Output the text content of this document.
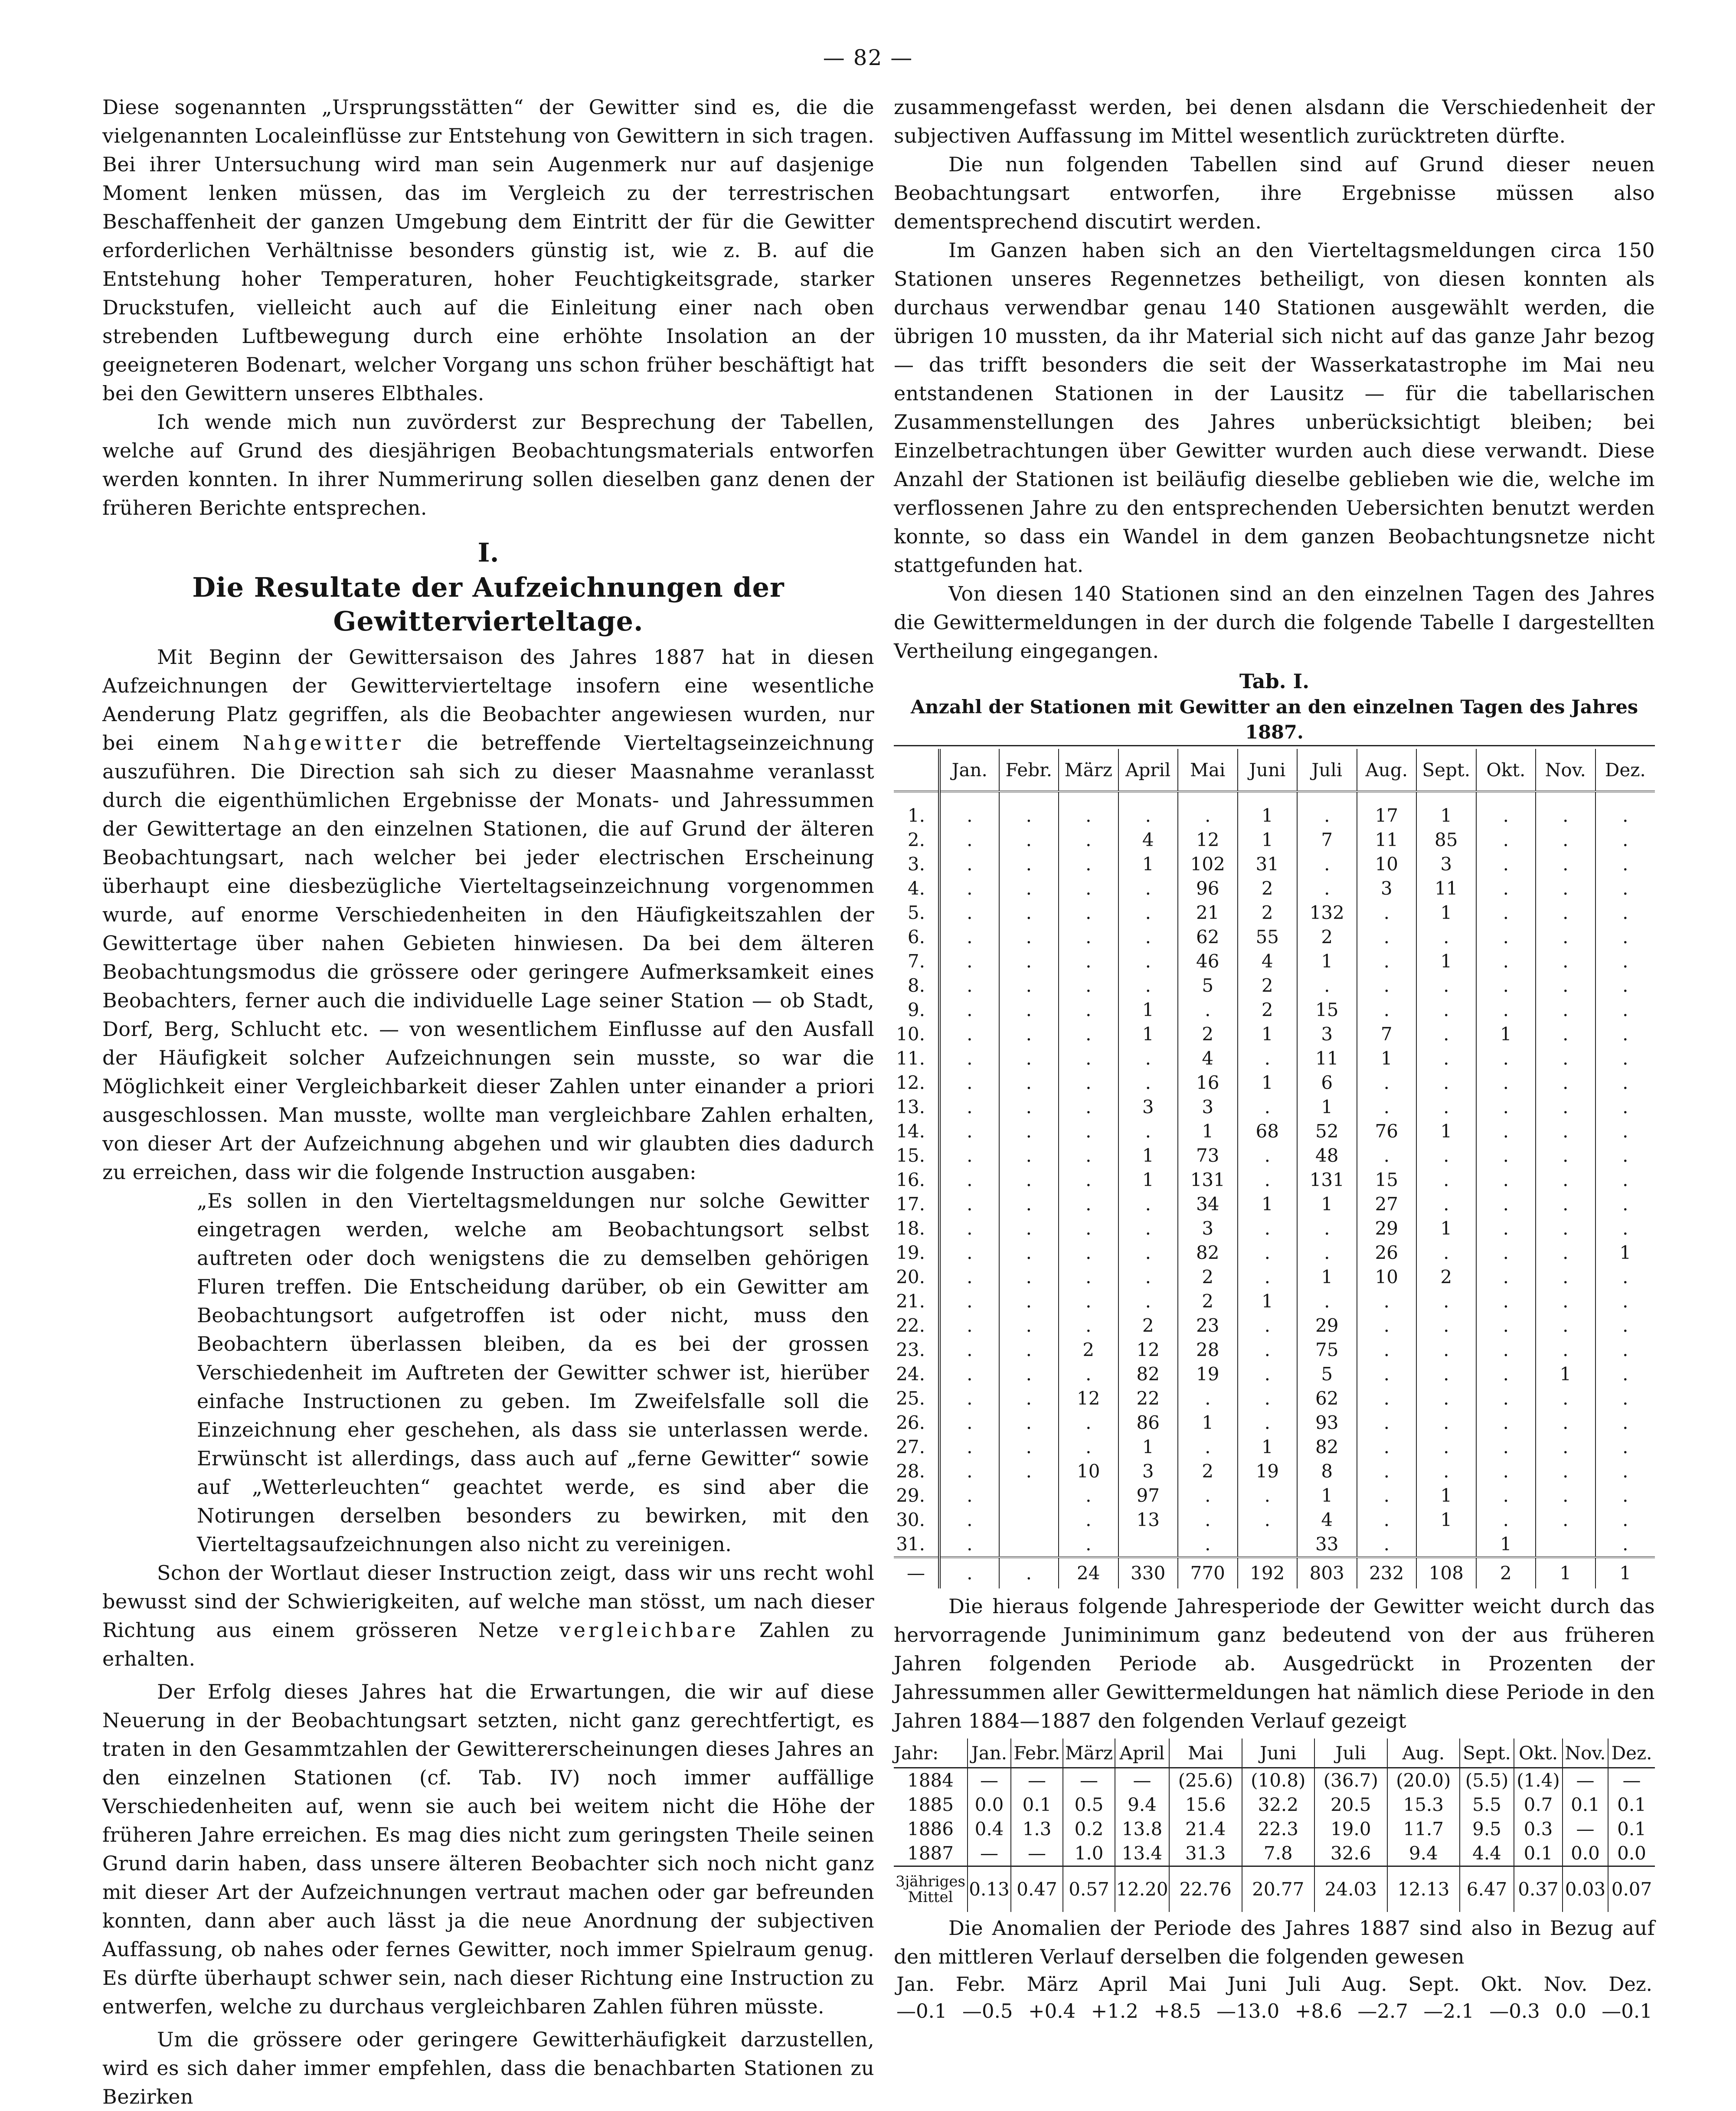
— 82 —

Diese sogenannten „Ursprungsstätten“ der Gewitter sind es, die die vielgenannten Localeinflüsse zur Entstehung von Gewittern in sich tragen. Bei ihrer Untersuchung wird man sein Augenmerk nur auf dasjenige Moment lenken müssen, das im Vergleich zu der terrestrischen Beschaffenheit der ganzen Umgebung dem Eintritt der für die Gewitter erforderlichen Verhältnisse besonders günstig ist, wie z. B. auf die Entstehung hoher Temperaturen, hoher Feuchtigkeitsgrade, starker Druckstufen, vielleicht auch auf die Einleitung einer nach oben strebenden Luftbewegung durch eine erhöhte Insolation an der geeigneteren Bodenart, welcher Vorgang uns schon früher beschäftigt hat bei den Gewittern unseres Elbthales.

Ich wende mich nun zuvörderst zur Besprechung der Tabellen, welche auf Grund des diesjährigen Beobachtungsmaterials entworfen werden konnten. In ihrer Nummerirung sollen dieselben ganz denen der früheren Berichte entsprechen.

I.
Die Resultate der Aufzeichnungen der Gewittervierteltage.

Mit Beginn der Gewittersaison des Jahres 1887 hat in diesen Aufzeichnungen der Gewittervierteltage insofern eine wesentliche Aenderung Platz gegriffen, als die Beobachter angewiesen wurden, nur bei einem Nahgewitter die betreffende Vierteltagseinzeichnung auszuführen. Die Direction sah sich zu dieser Maasnahme veranlasst durch die eigenthümlichen Ergebnisse der Monats- und Jahressummen der Gewittertage an den einzelnen Stationen, die auf Grund der älteren Beobachtungsart, nach welcher bei jeder electrischen Erscheinung überhaupt eine diesbezügliche Vierteltagseinzeichnung vorgenommen wurde, auf enorme Verschiedenheiten in den Häufigkeitszahlen der Gewittertage über nahen Gebieten hinwiesen. Da bei dem älteren Beobachtungsmodus die grössere oder geringere Aufmerksamkeit eines Beobachters, ferner auch die individuelle Lage seiner Station — ob Stadt, Dorf, Berg, Schlucht etc. — von wesentlichem Einflusse auf den Ausfall der Häufigkeit solcher Aufzeichnungen sein musste, so war die Möglichkeit einer Vergleichbarkeit dieser Zahlen unter einander a priori ausgeschlossen. Man musste, wollte man vergleichbare Zahlen erhalten, von dieser Art der Aufzeichnung abgehen und wir glaubten dies dadurch zu erreichen, dass wir die folgende Instruction ausgaben:

„Es sollen in den Vierteltagsmeldungen nur solche Gewitter eingetragen werden, welche am Beobachtungsort selbst auftreten oder doch wenigstens die zu demselben gehörigen Fluren treffen. Die Entscheidung darüber, ob ein Gewitter am Beobachtungsort aufgetroffen ist oder nicht, muss den Beobachtern überlassen bleiben, da es bei der grossen Verschiedenheit im Auftreten der Gewitter schwer ist, hierüber einfache Instructionen zu geben. Im Zweifelsfalle soll die Einzeichnung eher geschehen, als dass sie unterlassen werde. Erwünscht ist allerdings, dass auch auf „ferne Gewitter“ sowie auf „Wetterleuchten“ geachtet werde, es sind aber die Notirungen derselben besonders zu bewirken, mit den Vierteltagsaufzeichnungen also nicht zu vereinigen.

Schon der Wortlaut dieser Instruction zeigt, dass wir uns recht wohl bewusst sind der Schwierigkeiten, auf welche man stösst, um nach dieser Richtung aus einem grösseren Netze vergleichbare Zahlen zu erhalten.

Der Erfolg dieses Jahres hat die Erwartungen, die wir auf diese Neuerung in der Beobachtungsart setzten, nicht ganz gerechtfertigt, es traten in den Gesammtzahlen der Gewittererscheinungen dieses Jahres an den einzelnen Stationen (cf. Tab. IV) noch immer auffällige Verschiedenheiten auf, wenn sie auch bei weitem nicht die Höhe der früheren Jahre erreichen. Es mag dies nicht zum geringsten Theile seinen Grund darin haben, dass unsere älteren Beobachter sich noch nicht ganz mit dieser Art der Aufzeichnungen vertraut machen oder gar befreunden konnten, dann aber auch lässt ja die neue Anordnung der subjectiven Auffassung, ob nahes oder fernes Gewitter, noch immer Spielraum genug. Es dürfte überhaupt schwer sein, nach dieser Richtung eine Instruction zu entwerfen, welche zu durchaus vergleichbaren Zahlen führen müsste.

Um die grössere oder geringere Gewitterhäufigkeit darzustellen, wird es sich daher immer empfehlen, dass die benachbarten Stationen zu Bezirken

zusammengefasst werden, bei denen alsdann die Verschiedenheit der subjectiven Auffassung im Mittel wesentlich zurücktreten dürfte.

Die nun folgenden Tabellen sind auf Grund dieser neuen Beobachtungsart entworfen, ihre Ergebnisse müssen also dementsprechend discutirt werden.

Im Ganzen haben sich an den Vierteltagsmeldungen circa 150 Stationen unseres Regennetzes betheiligt, von diesen konnten als durchaus verwendbar genau 140 Stationen ausgewählt werden, die übrigen 10 mussten, da ihr Material sich nicht auf das ganze Jahr bezog — das trifft besonders die seit der Wasserkatastrophe im Mai neu entstandenen Stationen in der Lausitz — für die tabellarischen Zusammenstellungen des Jahres unberücksichtigt bleiben; bei Einzelbetrachtungen über Gewitter wurden auch diese verwandt. Diese Anzahl der Stationen ist beiläufig dieselbe geblieben wie die, welche im verflossenen Jahre zu den entsprechenden Uebersichten benutzt werden konnte, so dass ein Wandel in dem ganzen Beobachtungsnetze nicht stattgefunden hat.

Von diesen 140 Stationen sind an den einzelnen Tagen des Jahres die Gewittermeldungen in der durch die folgende Tabelle I dargestellten Vertheilung eingegangen.

Tab. I.
Anzahl der Stationen mit Gewitter an den einzelnen Tagen des Jahres 1887.
	Jan.	Febr.	März	April	Mai	Juni	Juli	Aug.	Sept.	Okt.	Nov.	Dez.

1.	.	.	.	.	.	1	.	17	1	.	.	.
2.	.	.	.	4	12	1	7	11	85	.	.	.
3.	.	.	.	1	102	31	.	10	3	.	.	.
4.	.	.	.	.	96	2	.	3	11	.	.	.
5.	.	.	.	.	21	2	132	.	1	.	.	.
6.	.	.	.	.	62	55	2	.	.	.	.	.
7.	.	.	.	.	46	4	1	.	1	.	.	.
8.	.	.	.	.	5	2	.	.	.	.	.	.
9.	.	.	.	1	.	2	15	.	.	.	.	.
10.	.	.	.	1	2	1	3	7	.	1	.	.
11.	.	.	.	.	4	.	11	1	.	.	.	.
12.	.	.	.	.	16	1	6	.	.	.	.	.
13.	.	.	.	3	3	.	1	.	.	.	.	.
14.	.	.	.	.	1	68	52	76	1	.	.	.
15.	.	.	.	1	73	.	48	.	.	.	.	.
16.	.	.	.	1	131	.	131	15	.	.	.	.
17.	.	.	.	.	34	1	1	27	.	.	.	.
18.	.	.	.	.	3	.	.	29	1	.	.	.
19.	.	.	.	.	82	.	.	26	.	.	.	1
20.	.	.	.	.	2	.	1	10	2	.	.	.
21.	.	.	.	.	2	1	.	.	.	.	.	.
22.	.	.	.	2	23	.	29	.	.	.	.	.
23.	.	.	2	12	28	.	75	.	.	.	.	.
24.	.	.	.	82	19	.	5	.	.	.	1	.
25.	.	.	12	22	.	.	62	.	.	.	.	.
26.	.	.	.	86	1	.	93	.	.	.	.	.
27.	.	.	.	1	.	1	82	.	.	.	.	.
28.	.	.	10	3	2	19	8	.	.	.	.	.
29.	.		.	97	.	.	1	.	1	.	.	.
30.	.		.	13	.	.	4	.	1	.	.	.
31.	.		.		.		33	.		1		.
—	.	.	24	330	770	192	803	232	108	2	1	1

Die hieraus folgende Jahresperiode der Gewitter weicht durch das hervorragende Juniminimum ganz bedeutend von der aus früheren Jahren folgenden Periode ab. Ausgedrückt in Prozenten der Jahressummen aller Gewittermeldungen hat nämlich diese Periode in den Jahren 1884—1887 den folgenden Verlauf gezeigt

Jahr:	Jan.	Febr.	März	April	Mai	Juni	Juli	Aug.	Sept.	Okt.	Nov.	Dez.
1884	—	—	—	—	(25.6)	(10.8)	(36.7)	(20.0)	(5.5)	(1.4)	—	—
1885	0.0	0.1	0.5	9.4	15.6	32.2	20.5	15.3	5.5	0.7	0.1	0.1
1886	0.4	1.3	0.2	13.8	21.4	22.3	19.0	11.7	9.5	0.3	—	0.1
1887	—	—	1.0	13.4	31.3	7.8	32.6	9.4	4.4	0.1	0.0	0.0
3jähriges
Mittel	0.13	0.47	0.57	12.20	22.76	20.77	24.03	12.13	6.47	0.37	0.03	0.07

Die Anomalien der Periode des Jahres 1887 sind also in Bezug auf den mittleren Verlauf derselben die folgenden gewesen

Jan. Febr. März April Mai Juni Juli Aug. Sept. Okt. Nov. Dez.
—0.1 —0.5 +0.4 +1.2 +8.5 —13.0 +8.6 —2.7 —2.1 —0.3 0.0 —0.1
